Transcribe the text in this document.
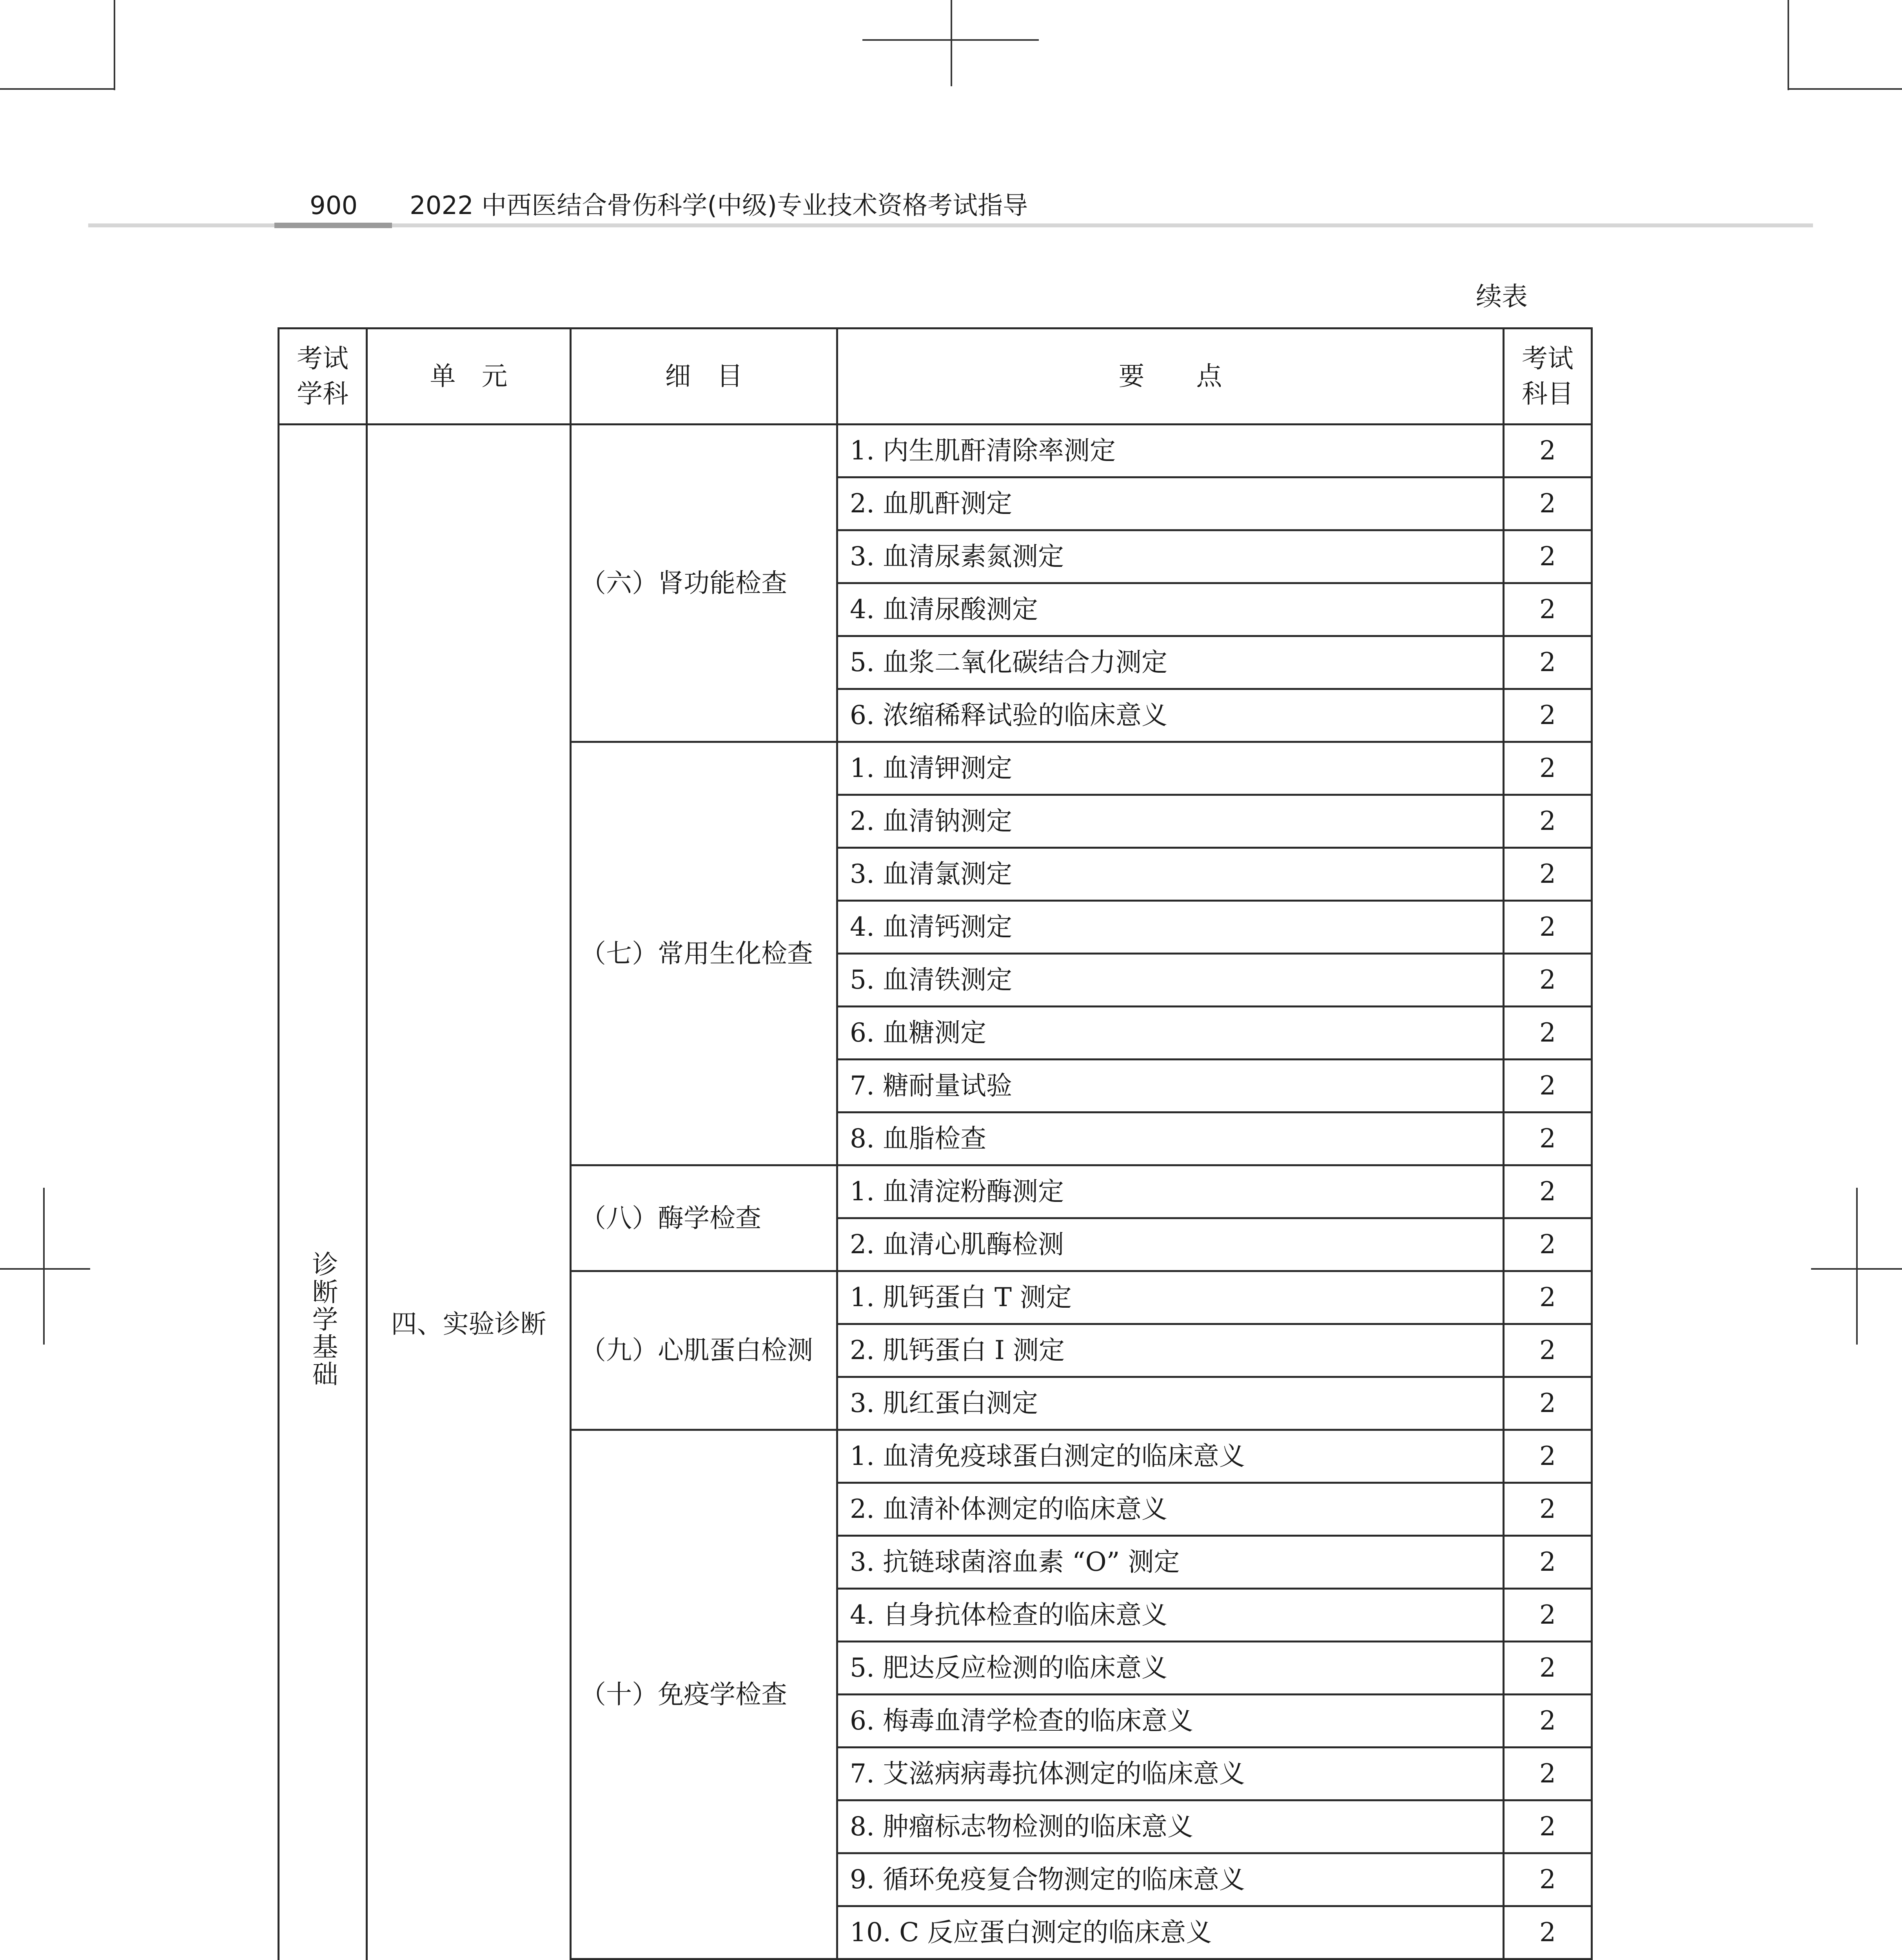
900 2022 中西医结合骨伤科学(中级)专业技术资格考试指导
续表
考试学科	单　元	细　目	要　　点	考试科目
诊断学基础	四、实验诊断	（六）肾功能检查	1. 内生肌酐清除率测定	2
			2. 血肌酐测定	2
			3. 血清尿素氮测定	2
			4. 血清尿酸测定	2
			5. 血浆二氧化碳结合力测定	2
			6. 浓缩稀释试验的临床意义	2
		（七）常用生化检查	1. 血清钾测定	2
			2. 血清钠测定	2
			3. 血清氯测定	2
			4. 血清钙测定	2
			5. 血清铁测定	2
			6. 血糖测定	2
			7. 糖耐量试验	2
			8. 血脂检查	2
		（八）酶学检查	1. 血清淀粉酶测定	2
			2. 血清心肌酶检测	2
		（九）心肌蛋白检测	1. 肌钙蛋白 T 测定	2
			2. 肌钙蛋白 I 测定	2
			3. 肌红蛋白测定	2
		（十）免疫学检查	1. 血清免疫球蛋白测定的临床意义	2
			2. 血清补体测定的临床意义	2
			3. 抗链球菌溶血素 “O” 测定	2
			4. 自身抗体检查的临床意义	2
			5. 肥达反应检测的临床意义	2
			6. 梅毒血清学检查的临床意义	2
			7. 艾滋病病毒抗体测定的临床意义	2
			8. 肿瘤标志物检测的临床意义	2
			9. 循环免疫复合物测定的临床意义	2
			10. C 反应蛋白测定的临床意义	2
